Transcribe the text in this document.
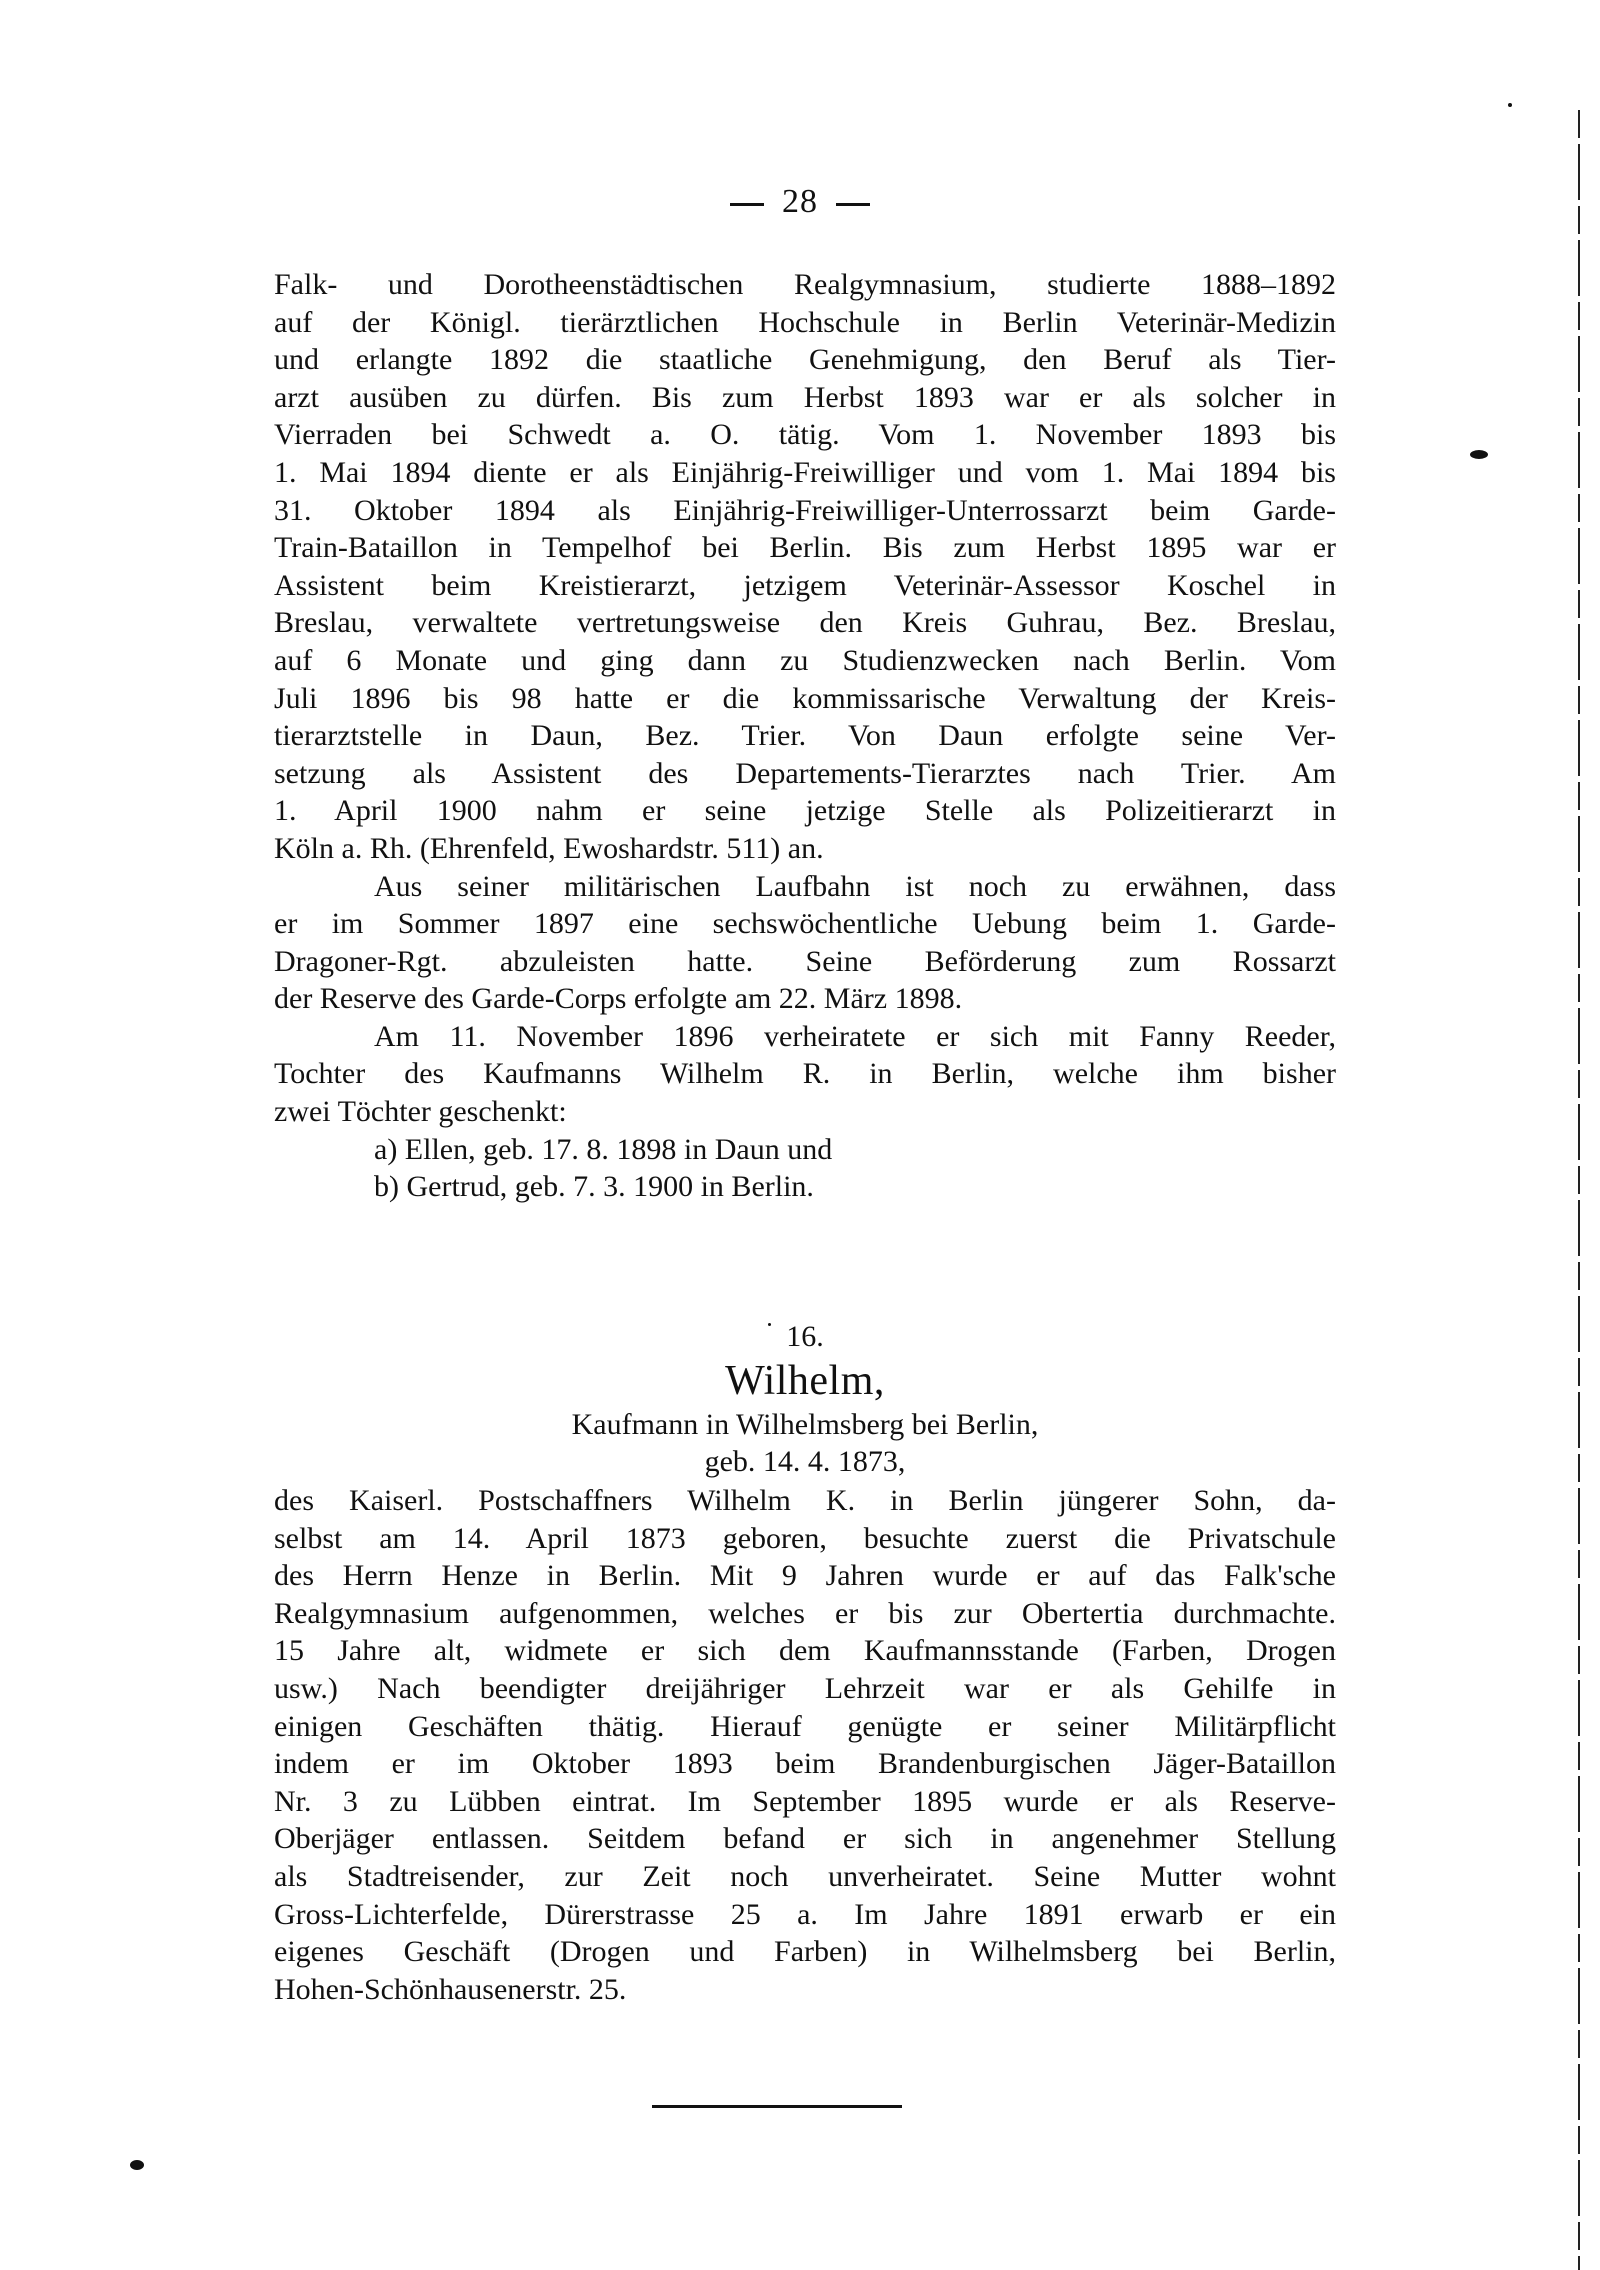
28
Falk- und Dorotheenstädtischen Realgymnasium, studierte 1888–1892
auf der Königl. tierärztlichen Hochschule in Berlin Veterinär-Medizin
und erlangte 1892 die staatliche Genehmigung, den Beruf als Tier-
arzt ausüben zu dürfen. Bis zum Herbst 1893 war er als solcher in
Vierraden bei Schwedt a. O. tätig. Vom 1. November 1893 bis
1. Mai 1894 diente er als Einjährig-Freiwilliger und vom 1. Mai 1894 bis
31. Oktober 1894 als Einjährig-Freiwilliger-Unterrossarzt beim Garde-
Train-Bataillon in Tempelhof bei Berlin. Bis zum Herbst 1895 war er
Assistent beim Kreistierarzt, jetzigem Veterinär-Assessor Koschel in
Breslau, verwaltete vertretungsweise den Kreis Guhrau, Bez. Breslau,
auf 6 Monate und ging dann zu Studienzwecken nach Berlin. Vom
Juli 1896 bis 98 hatte er die kommissarische Verwaltung der Kreis-
tierarztstelle in Daun, Bez. Trier. Von Daun erfolgte seine Ver-
setzung als Assistent des Departements-Tierarztes nach Trier. Am
1. April 1900 nahm er seine jetzige Stelle als Polizeitierarzt in
Köln a. Rh. (Ehrenfeld, Ewoshardstr. 511) an.
Aus seiner militärischen Laufbahn ist noch zu erwähnen, dass
er im Sommer 1897 eine sechswöchentliche Uebung beim 1. Garde-
Dragoner-Rgt. abzuleisten hatte. Seine Beförderung zum Rossarzt
der Reserve des Garde-Corps erfolgte am 22. März 1898.
Am 11. November 1896 verheiratete er sich mit Fanny Reeder,
Tochter des Kaufmanns Wilhelm R. in Berlin, welche ihm bisher
zwei Töchter geschenkt:
a) Ellen, geb. 17. 8. 1898 in Daun und
b) Gertrud, geb. 7. 3. 1900 in Berlin.
16.
Wilhelm,
Kaufmann in Wilhelmsberg bei Berlin,
geb. 14. 4. 1873,
des Kaiserl. Postschaffners Wilhelm K. in Berlin jüngerer Sohn, da-
selbst am 14. April 1873 geboren, besuchte zuerst die Privatschule
des Herrn Henze in Berlin. Mit 9 Jahren wurde er auf das Falk'sche
Realgymnasium aufgenommen, welches er bis zur Obertertia durchmachte.
15 Jahre alt, widmete er sich dem Kaufmannsstande (Farben, Drogen
usw.) Nach beendigter dreijähriger Lehrzeit war er als Gehilfe in
einigen Geschäften thätig. Hierauf genügte er seiner Militärpflicht
indem er im Oktober 1893 beim Brandenburgischen Jäger-Bataillon
Nr. 3 zu Lübben eintrat. Im September 1895 wurde er als Reserve-
Oberjäger entlassen. Seitdem befand er sich in angenehmer Stellung
als Stadtreisender, zur Zeit noch unverheiratet. Seine Mutter wohnt
Gross-Lichterfelde, Dürerstrasse 25 a. Im Jahre 1891 erwarb er ein
eigenes Geschäft (Drogen und Farben) in Wilhelmsberg bei Berlin,
Hohen-Schönhausenerstr. 25.
